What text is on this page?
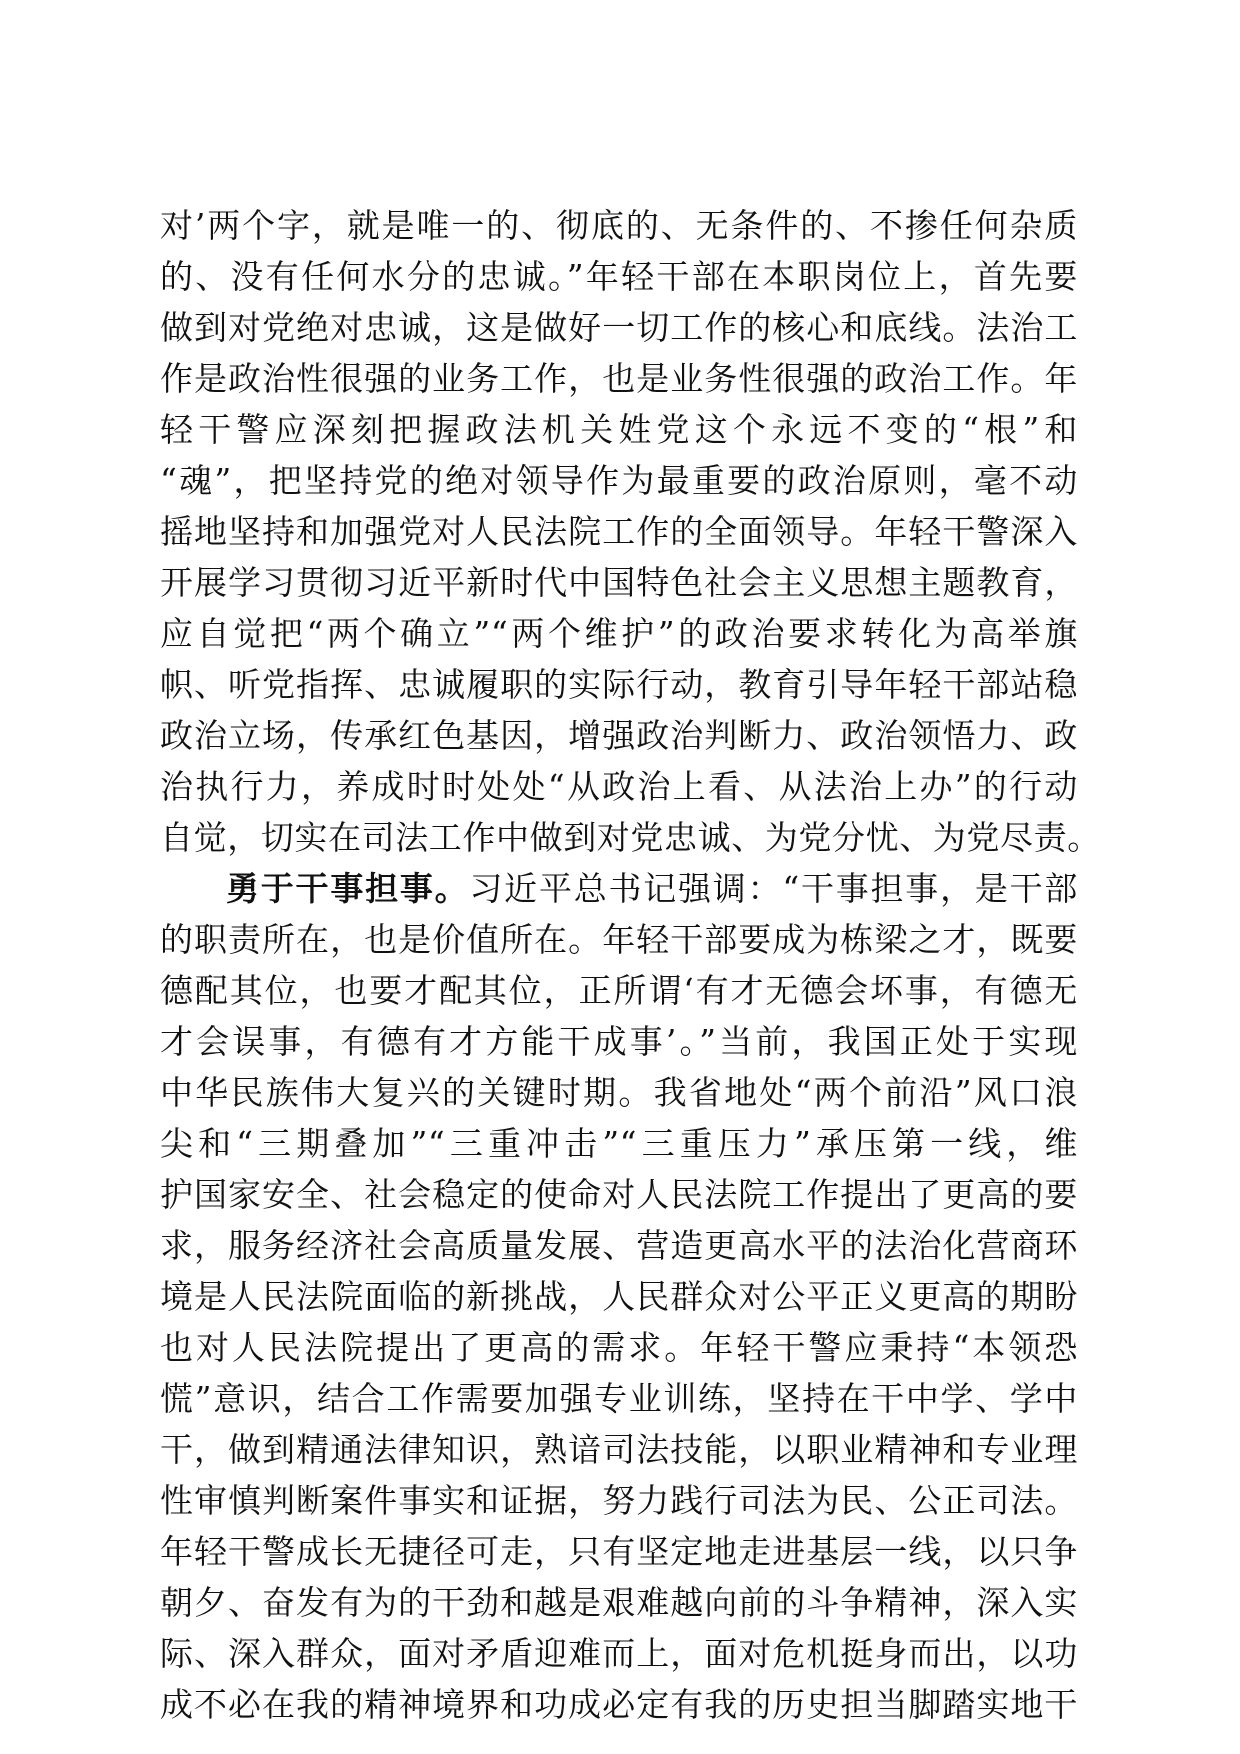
对’两个字，就是唯一的、彻底的、无条件的、不掺任何杂质
的、没有任何水分的忠诚。”年轻干部在本职岗位上，首先要
做到对党绝对忠诚，这是做好一切工作的核心和底线。法治工
作是政治性很强的业务工作，也是业务性很强的政治工作。年
轻干警应深刻把握政法机关姓党这个永远不变的“根”和
“魂”，把坚持党的绝对领导作为最重要的政治原则，毫不动
摇地坚持和加强党对人民法院工作的全面领导。年轻干警深入
开展学习贯彻习近平新时代中国特色社会主义思想主题教育，
应自觉把“两个确立”“两个维护”的政治要求转化为高举旗
帜、听党指挥、忠诚履职的实际行动，教育引导年轻干部站稳
政治立场，传承红色基因，增强政治判断力、政治领悟力、政
治执行力，养成时时处处“从政治上看、从法治上办”的行动
自觉，切实在司法工作中做到对党忠诚、为党分忧、为党尽责。
勇于干事担事。习近平总书记强调：“干事担事，是干部
的职责所在，也是价值所在。年轻干部要成为栋梁之才，既要
德配其位，也要才配其位，正所谓‘有才无德会坏事，有德无
才会误事，有德有才方能干成事’。”当前，我国正处于实现
中华民族伟大复兴的关键时期。我省地处“两个前沿”风口浪
尖和“三期叠加”“三重冲击”“三重压力”承压第一线，维
护国家安全、社会稳定的使命对人民法院工作提出了更高的要
求，服务经济社会高质量发展、营造更高水平的法治化营商环
境是人民法院面临的新挑战，人民群众对公平正义更高的期盼
也对人民法院提出了更高的需求。年轻干警应秉持“本领恐
慌”意识，结合工作需要加强专业训练，坚持在干中学、学中
干，做到精通法律知识，熟谙司法技能，以职业精神和专业理
性审慎判断案件事实和证据，努力践行司法为民、公正司法。
年轻干警成长无捷径可走，只有坚定地走进基层一线，以只争
朝夕、奋发有为的干劲和越是艰难越向前的斗争精神，深入实
际、深入群众，面对矛盾迎难而上，面对危机挺身而出，以功
成不必在我的精神境界和功成必定有我的历史担当脚踏实地干
